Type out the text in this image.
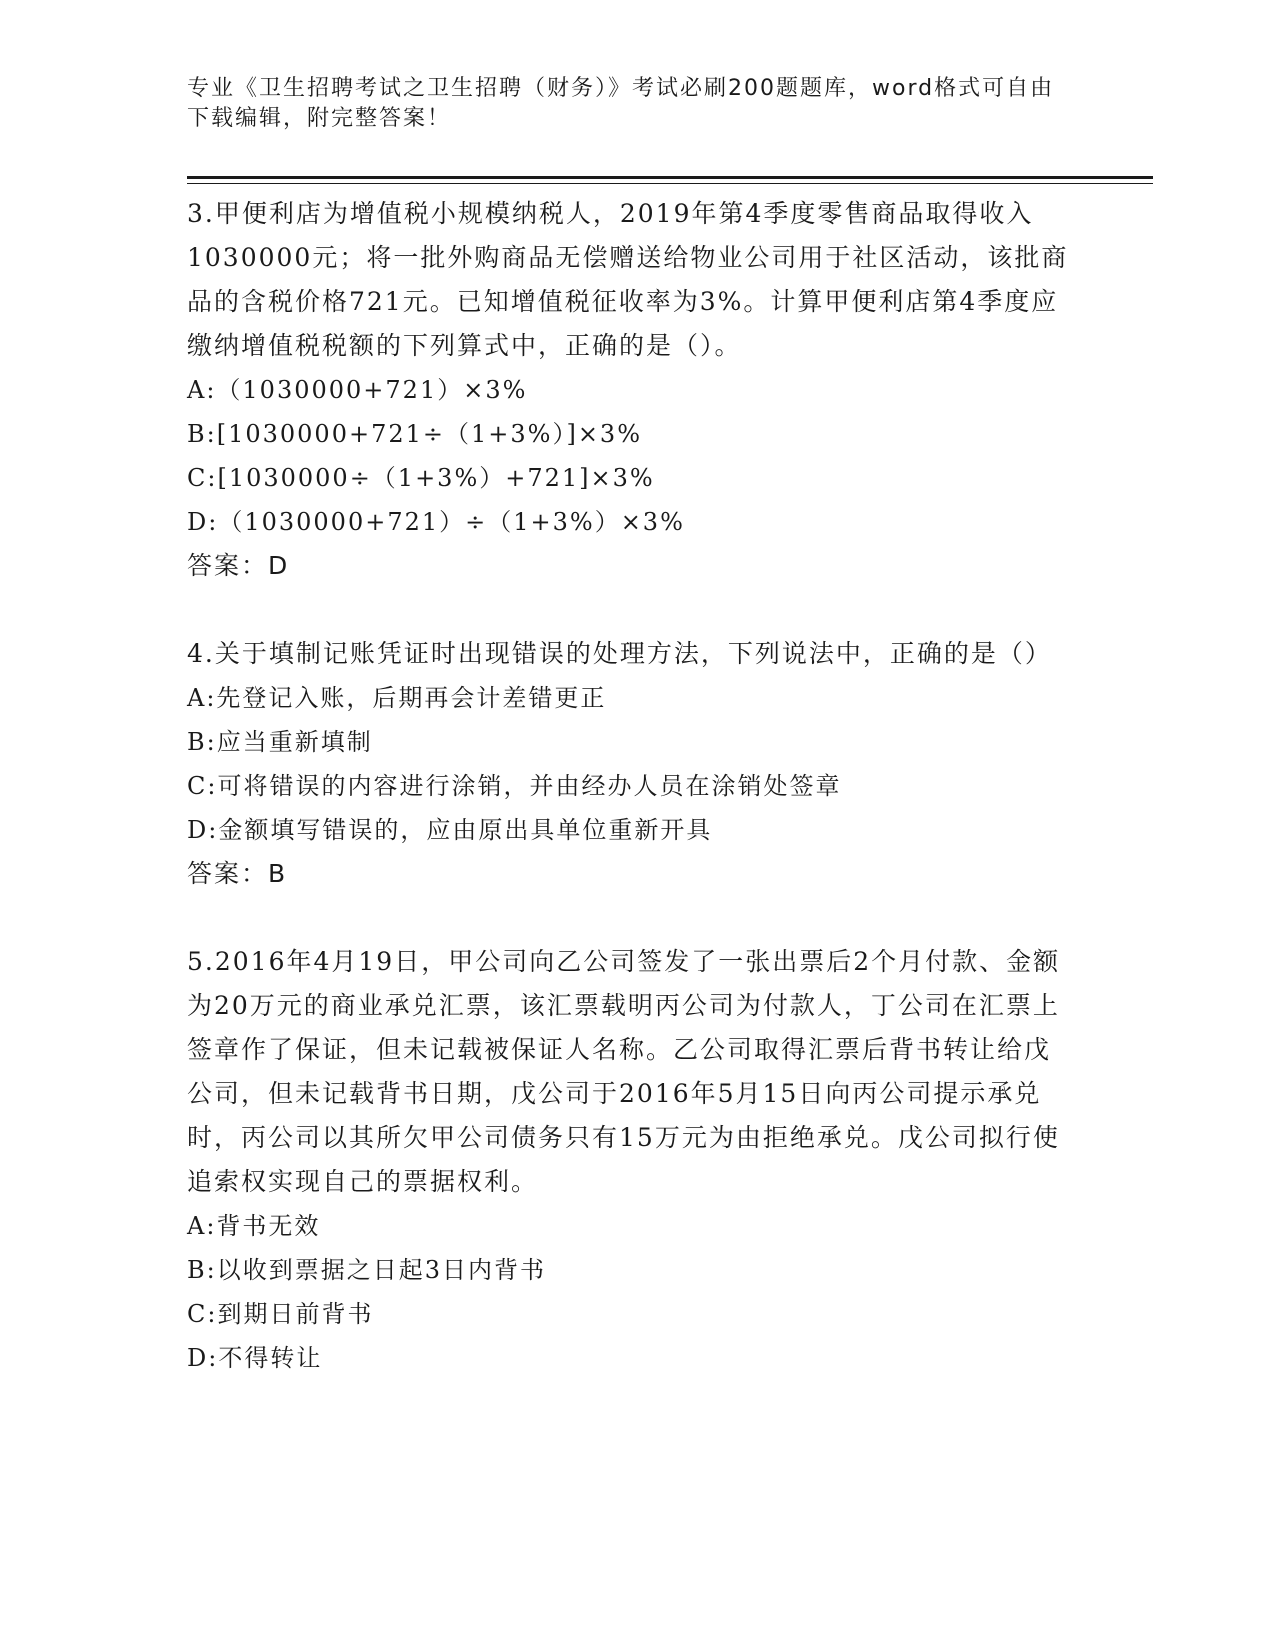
专业《卫生招聘考试之卫生招聘（财务）》考试必刷200题题库，word格式可自由下载编辑，附完整答案！

3.甲便利店为增值税小规模纳税人，2019年第4季度零售商品取得收入1030000元；将一批外购商品无偿赠送给物业公司用于社区活动，该批商品的含税价格721元。已知增值税征收率为3%。计算甲便利店第4季度应缴纳增值税税额的下列算式中，正确的是（）。

A:（1030000+721）×3%

B:[1030000+721÷（1+3%）]×3%

C:[1030000÷（1+3%）+721]×3%

D:（1030000+721）÷（1+3%）×3%

答案：D

4.关于填制记账凭证时出现错误的处理方法，下列说法中，正确的是（）

A:先登记入账，后期再会计差错更正

B:应当重新填制

C:可将错误的内容进行涂销，并由经办人员在涂销处签章

D:金额填写错误的，应由原出具单位重新开具

答案：B

5.2016年4月19日，甲公司向乙公司签发了一张出票后2个月付款、金额为20万元的商业承兑汇票，该汇票载明丙公司为付款人，丁公司在汇票上签章作了保证，但未记载被保证人名称。乙公司取得汇票后背书转让给戊公司，但未记载背书日期，戊公司于2016年5月15日向丙公司提示承兑时，丙公司以其所欠甲公司债务只有15万元为由拒绝承兑。戊公司拟行使追索权实现自己的票据权利。

A:背书无效

B:以收到票据之日起3日内背书

C:到期日前背书

D:不得转让
